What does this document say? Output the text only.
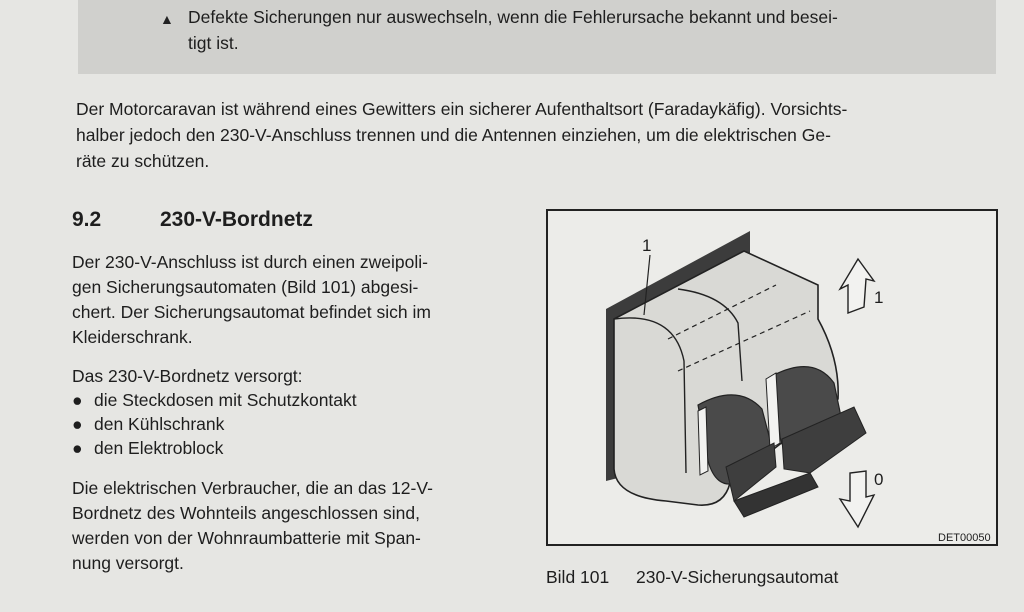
▲ Defekte Sicherungen nur auswechseln, wenn die Fehlerursache bekannt und besei-
tigt ist.
Der Motorcaravan ist während eines Gewitters ein sicherer Aufenthaltsort (Faradaykäfig). Vorsichts-
halber jedoch den 230-V-Anschluss trennen und die Antennen einziehen, um die elektrischen Ge-
räte zu schützen.
9.2	230-V-Bordnetz
Der 230-V-Anschluss ist durch einen zweipoli-
gen Sicherungsautomaten (Bild 101) abgesi-
chert. Der Sicherungsautomat befindet sich im
Kleiderschrank.
Das 230-V-Bordnetz versorgt:
● die Steckdosen mit Schutzkontakt
● den Kühlschrank
● den Elektroblock
Die elektrischen Verbraucher, die an das 12-V-
Bordnetz des Wohnteils angeschlossen sind,
werden von der Wohnraumbatterie mit Span-
nung versorgt.
1
1
0
DET00050
Bild 101 230-V-Sicherungsautomat
